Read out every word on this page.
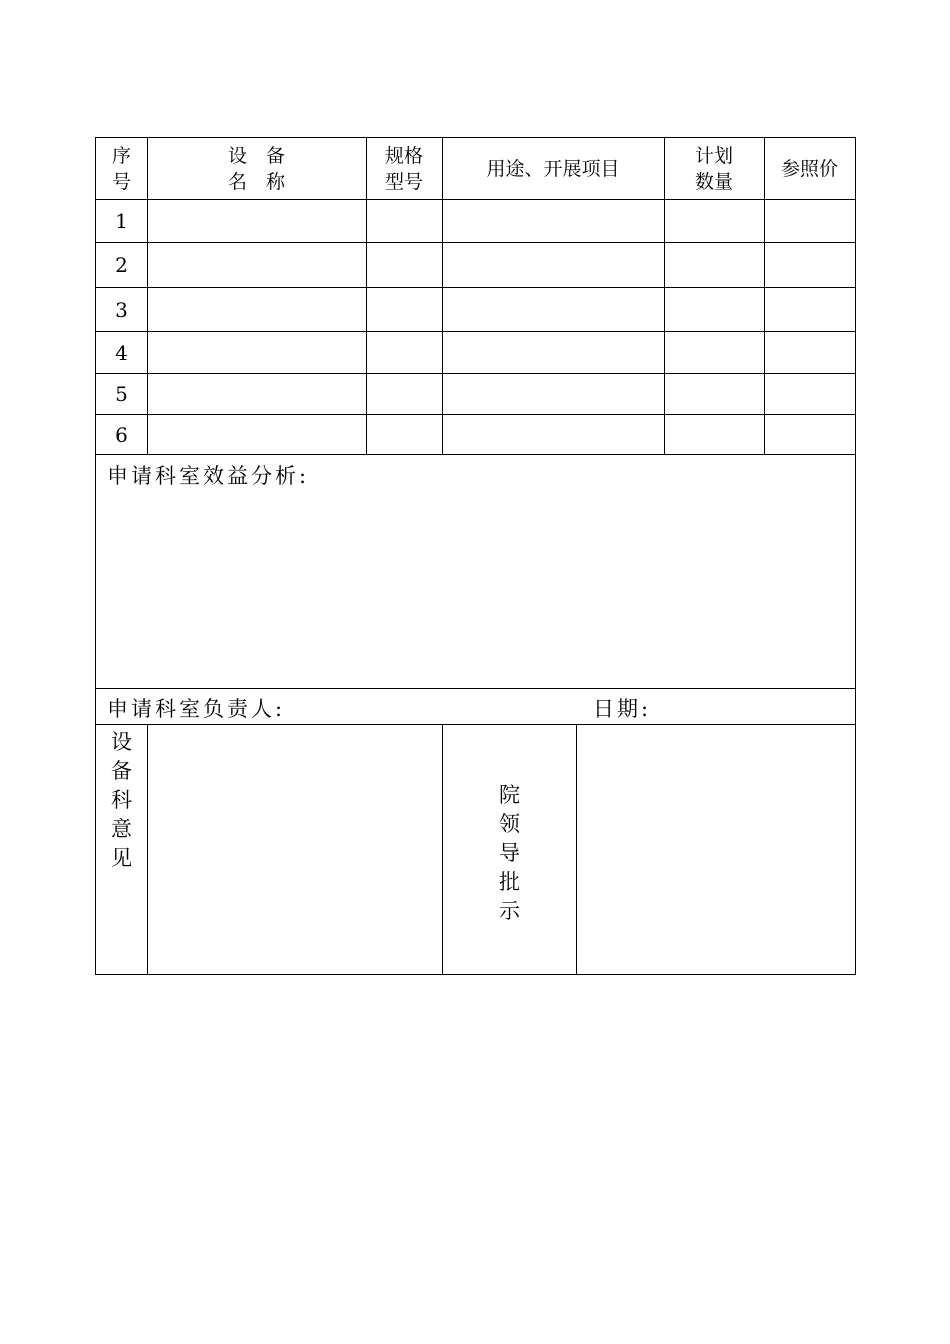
序
号
设　备
名　称
规格
型号
用途、开展项目
计划
数量
参照价
1
2
3
4
5
6
申请科室效益分析:
申请科室负责人:	日期:
设
备
科
意
见
院
领
导
批
示
